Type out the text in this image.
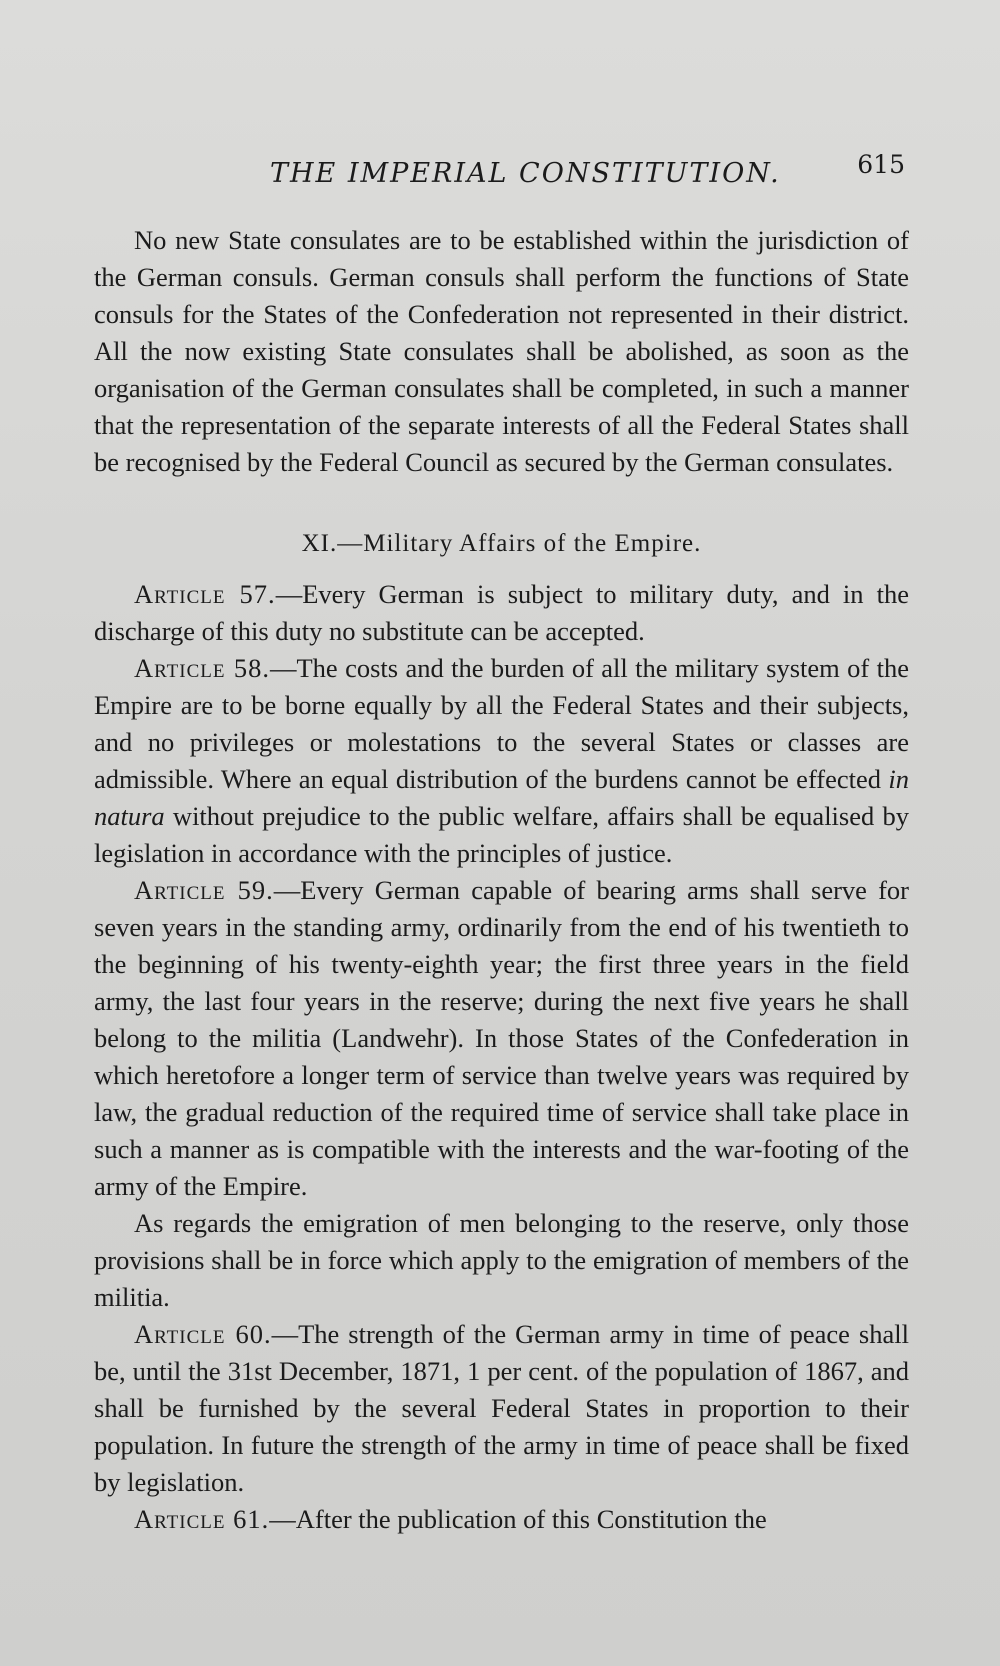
THE IMPERIAL CONSTITUTION.	615

No new State consulates are to be established within the jurisdiction of the German consuls. German consuls shall perform the functions of State consuls for the States of the Confederation not represented in their district. All the now existing State consulates shall be abolished, as soon as the organisation of the German consulates shall be completed, in such a manner that the representation of the separate interests of all the Federal States shall be recognised by the Federal Council as secured by the German consulates.

XI.—Military Affairs of the Empire.

Article 57.—Every German is subject to military duty, and in the discharge of this duty no substitute can be accepted.

Article 58.—The costs and the burden of all the military system of the Empire are to be borne equally by all the Federal States and their subjects, and no privileges or molestations to the several States or classes are admissible. Where an equal distribution of the burdens cannot be effected in natura without prejudice to the public welfare, affairs shall be equalised by legislation in accordance with the principles of justice.

Article 59.—Every German capable of bearing arms shall serve for seven years in the standing army, ordinarily from the end of his twentieth to the beginning of his twenty-eighth year; the first three years in the field army, the last four years in the reserve; during the next five years he shall belong to the militia (Landwehr). In those States of the Confederation in which heretofore a longer term of service than twelve years was required by law, the gradual reduction of the required time of service shall take place in such a manner as is compatible with the interests and the war-footing of the army of the Empire.

As regards the emigration of men belonging to the reserve, only those provisions shall be in force which apply to the emigration of members of the militia.

Article 60.—The strength of the German army in time of peace shall be, until the 31st December, 1871, 1 per cent. of the population of 1867, and shall be furnished by the several Federal States in proportion to their population. In future the strength of the army in time of peace shall be fixed by legislation.

Article 61.—After the publication of this Constitution the
